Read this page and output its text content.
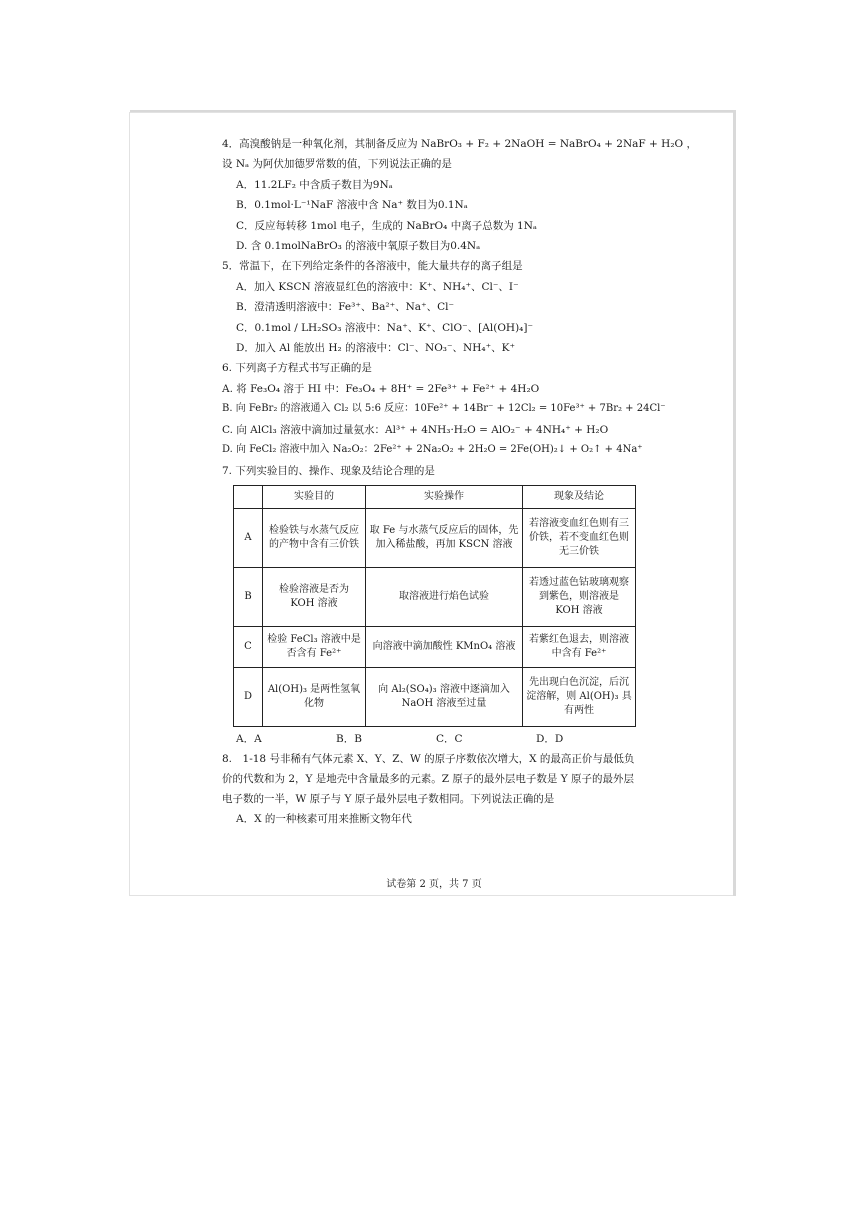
4．高溴酸钠是一种氧化剂，其制备反应为 NaBrO₃ + F₂ + 2NaOH = NaBrO₄ + 2NaF + H₂O ，
设 Nₐ 为阿伏加德罗常数的值，下列说法正确的是
A．11.2LF₂ 中含质子数目为9Nₐ
B．0.1mol·L⁻¹NaF 溶液中含 Na⁺ 数目为0.1Nₐ
C．反应每转移 1mol 电子，生成的 NaBrO₄ 中离子总数为 1Nₐ
D. 含 0.1molNaBrO₃ 的溶液中氧原子数目为0.4Nₐ
5．常温下，在下列给定条件的各溶液中，能大量共存的离子组是
A．加入 KSCN 溶液显红色的溶液中：K⁺、NH₄⁺、Cl⁻、I⁻
B．澄清透明溶液中：Fe³⁺、Ba²⁺、Na⁺、Cl⁻
C．0.1mol / LH₂SO₃ 溶液中：Na⁺、K⁺、ClO⁻、[Al(OH)₄]⁻
D．加入 Al 能放出 H₂ 的溶液中：Cl⁻、NO₃⁻、NH₄⁺、K⁺
6. 下列离子方程式书写正确的是
A. 将 Fe₃O₄ 溶于 HI 中：Fe₃O₄ + 8H⁺ = 2Fe³⁺ + Fe²⁺ + 4H₂O
B. 向 FeBr₂ 的溶液通入 Cl₂ 以 5:6 反应：10Fe²⁺ + 14Br⁻ + 12Cl₂ = 10Fe³⁺ + 7Br₂ + 24Cl⁻
C. 向 AlCl₃ 溶液中滴加过量氨水：Al³⁺ + 4NH₃·H₂O = AlO₂⁻ + 4NH₄⁺ + H₂O
D. 向 FeCl₂ 溶液中加入 Na₂O₂：2Fe²⁺ + 2Na₂O₂ + 2H₂O = 2Fe(OH)₂↓ + O₂↑ + 4Na⁺
7. 下列实验目的、操作、现象及结论合理的是
	实验目的	实验操作	现象及结论
A	检验铁与水蒸气反应的产物中含有三价铁	取 Fe 与水蒸气反应后的固体，先加入稀盐酸，再加 KSCN 溶液	若溶液变血红色则有三价铁，若不变血红色则无三价铁
B	检验溶液是否为 KOH 溶液	取溶液进行焰色试验	若透过蓝色钴玻璃观察到紫色，则溶液是 KOH 溶液
C	检验 FeCl₃ 溶液中是否含有 Fe²⁺	向溶液中滴加酸性 KMnO₄ 溶液	若紫红色退去，则溶液中含有 Fe²⁺
D	Al(OH)₃ 是两性氢氧化物	向 Al₂(SO₄)₃ 溶液中逐滴加入 NaOH 溶液至过量	先出现白色沉淀，后沉淀溶解，则 Al(OH)₃ 具有两性
A．A	B．B	C．C	D．D
8.　1-18 号非稀有气体元素 X、Y、Z、W 的原子序数依次增大，X 的最高正价与最低负价的代数和为 2，Y 是地壳中含量最多的元素。Z 原子的最外层电子数是 Y 原子的最外层电子数的一半，W 原子与 Y 原子最外层电子数相同。下列说法正确的是
A．X 的一种核素可用来推断文物年代
试卷第 2 页，共 7 页
